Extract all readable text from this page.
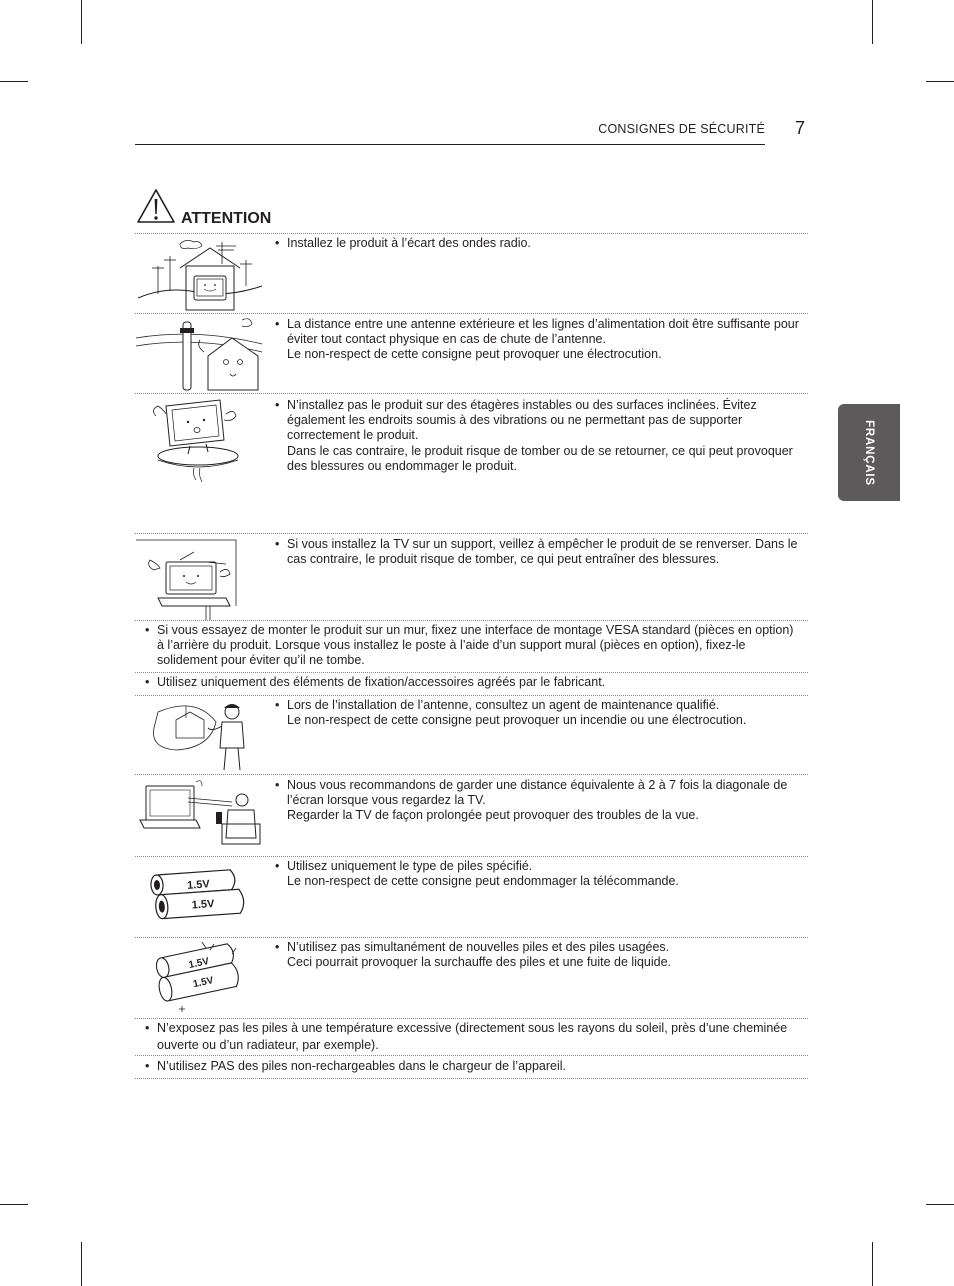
CONSIGNES DE SÉCURITÉ 7
FRANÇAIS
ATTENTION
1.5V
1.5V
1.5V
1.5V
• Installez le produit à l’écart des ondes radio.
• La distance entre une antenne extérieure et les lignes d’alimentation doit être suffisante pour éviter tout contact physique en cas de chute de l’antenne.
Le non-respect de cette consigne peut provoquer une électrocution.
• N’installez pas le produit sur des étagères instables ou des surfaces inclinées. Évitez également les endroits soumis à des vibrations ou ne permettant pas de supporter correctement le produit.
Dans le cas contraire, le produit risque de tomber ou de se retourner, ce qui peut provoquer des blessures ou endommager le produit.
• Si vous installez la TV sur un support, veillez à empêcher le produit de se renverser. Dans le cas contraire, le produit risque de tomber, ce qui peut entraîner des blessures.
• Si vous essayez de monter le produit sur un mur, fixez une interface de montage VESA standard (pièces en option) à l’arrière du produit. Lorsque vous installez le poste à l’aide d’un support mural (pièces en option), fixez-le solidement pour éviter qu’il ne tombe.
• Utilisez uniquement des éléments de fixation/accessoires agréés par le fabricant.
• Lors de l’installation de l’antenne, consultez un agent de maintenance qualifié.
Le non-respect de cette consigne peut provoquer un incendie ou une électrocution.
• Nous vous recommandons de garder une distance équivalente à 2 à 7 fois la diagonale de l’écran lorsque vous regardez la TV.
Regarder la TV de façon prolongée peut provoquer des troubles de la vue.
• Utilisez uniquement le type de piles spécifié.
Le non-respect de cette consigne peut endommager la télécommande.
• N’utilisez pas simultanément de nouvelles piles et des piles usagées.
Ceci pourrait provoquer la surchauffe des piles et une fuite de liquide.
• N’exposez pas les piles à une température excessive (directement sous les rayons du soleil, près d’une cheminée ouverte ou d’un radiateur, par exemple).
• N’utilisez PAS des piles non-rechargeables dans le chargeur de l’appareil.
